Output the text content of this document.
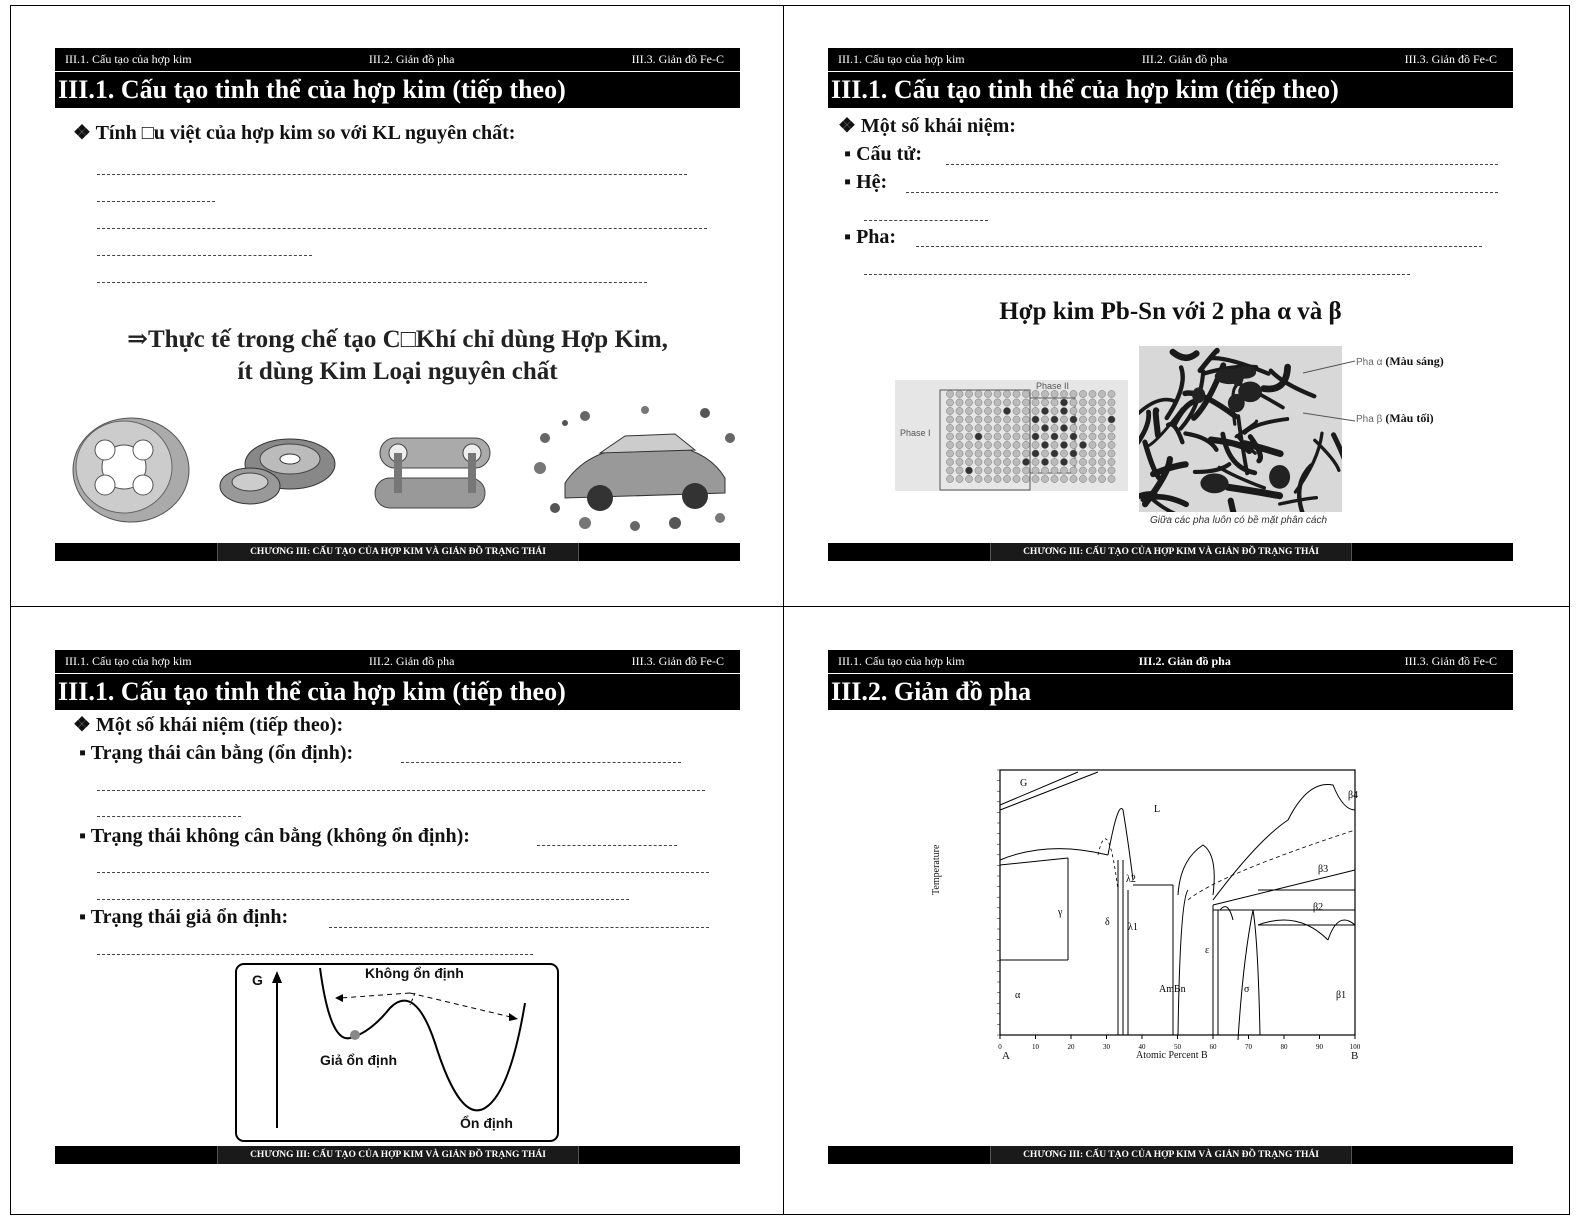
III.1. Cấu tạo của hợp kim	III.2. Giản đồ pha	III.3. Giản đồ Fe-C
III.1. Cấu tạo tinh thể của hợp kim (tiếp theo)
❖ Tính □u việt của hợp kim so với KL nguyên chất:
⇒Thực tế trong chế tạo C□Khí chỉ dùng Hợp Kim,
ít dùng Kim Loại nguyên chất
CHƯƠNG III: CẤU TẠO CỦA HỢP KIM VÀ GIẢN ĐỒ TRẠNG THÁI
III.1. Cấu tạo của hợp kim	III.2. Giản đồ pha	III.3. Giản đồ Fe-C
III.1. Cấu tạo tinh thể của hợp kim (tiếp theo)
❖ Một số khái niệm:
▪ Cấu tử:
▪ Hệ:
▪ Pha:
Hợp kim Pb-Sn với 2 pha α và β
Phase I
Phase II
Pha α (Màu sáng)
Pha β (Màu tối)
Giữa các pha luôn có bề mặt phân cách
CHƯƠNG III: CẤU TẠO CỦA HỢP KIM VÀ GIẢN ĐỒ TRẠNG THÁI
III.1. Cấu tạo của hợp kim	III.2. Giản đồ pha	III.3. Giản đồ Fe-C
III.1. Cấu tạo tinh thể của hợp kim (tiếp theo)
❖ Một số khái niệm (tiếp theo):
▪ Trạng thái cân bằng (ổn định):
▪ Trạng thái không cân bằng (không ổn định):
▪ Trạng thái giả ổn định:
G	Không ổn định
Giả ổn định
Ổn định
CHƯƠNG III: CẤU TẠO CỦA HỢP KIM VÀ GIẢN ĐỒ TRẠNG THÁI
III.1. Cấu tạo của hợp kim	III.2. Giản đồ pha	III.3. Giản đồ Fe-C
III.2. Giản đồ pha
0	10	20	30	40	50	60	70	80	90	100
G
L
γ
δ λ1
λ2
ε
σ
α	β1
β2
β3
β4
AmBn
Temperature
Atomic Percent B
A	B
CHƯƠNG III: CẤU TẠO CỦA HỢP KIM VÀ GIẢN ĐỒ TRẠNG THÁI
